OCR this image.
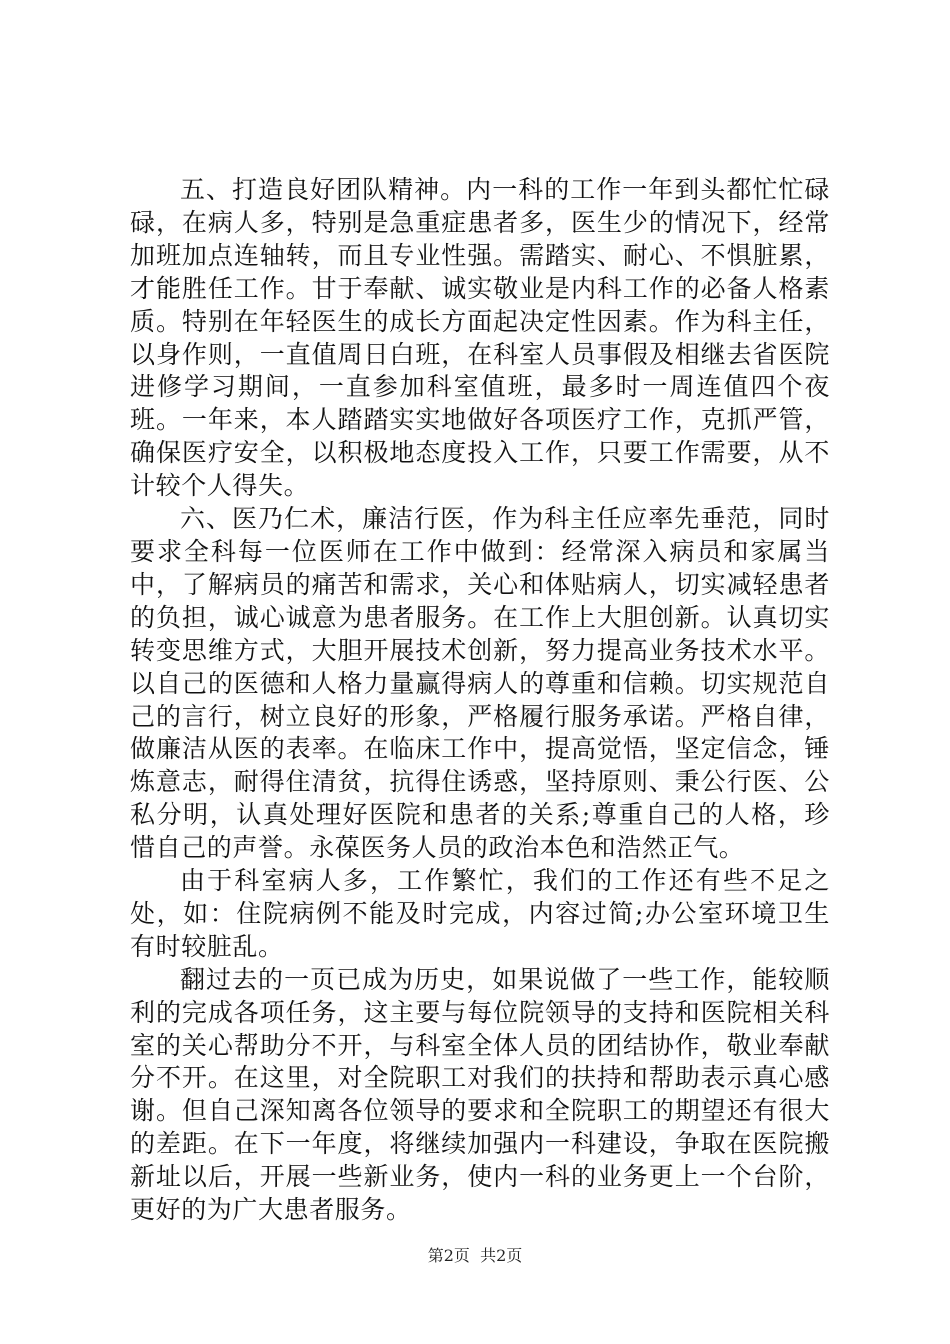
五、打造良好团队精神。内一科的工作一年到头都忙忙碌碌，在病人多，特别是急重症患者多，医生少的情况下，经常加班加点连轴转，而且专业性强。需踏实、耐心、不惧脏累，才能胜任工作。甘于奉献、诚实敬业是内科工作的必备人格素质。特别在年轻医生的成长方面起决定性因素。作为科主任，以身作则，一直值周日白班，在科室人员事假及相继去省医院进修学习期间，一直参加科室值班，最多时一周连值四个夜班。一年来，本人踏踏实实地做好各项医疗工作，克抓严管，确保医疗安全，以积极地态度投入工作，只要工作需要，从不计较个人得失。

六、医乃仁术，廉洁行医，作为科主任应率先垂范，同时要求全科每一位医师在工作中做到：经常深入病员和家属当中，了解病员的痛苦和需求，关心和体贴病人，切实减轻患者的负担，诚心诚意为患者服务。在工作上大胆创新。认真切实转变思维方式，大胆开展技术创新，努力提高业务技术水平。以自己的医德和人格力量赢得病人的尊重和信赖。切实规范自己的言行，树立良好的形象，严格履行服务承诺。严格自律，做廉洁从医的表率。在临床工作中，提高觉悟，坚定信念，锤炼意志，耐得住清贫，抗得住诱惑，坚持原则、秉公行医、公私分明，认真处理好医院和患者的关系;尊重自己的人格，珍惜自己的声誉。永葆医务人员的政治本色和浩然正气。

由于科室病人多，工作繁忙，我们的工作还有些不足之处，如：住院病例不能及时完成，内容过简;办公室环境卫生有时较脏乱。

翻过去的一页已成为历史，如果说做了一些工作，能较顺利的完成各项任务，这主要与每位院领导的支持和医院相关科室的关心帮助分不开，与科室全体人员的团结协作，敬业奉献分不开。在这里，对全院职工对我们的扶持和帮助表示真心感谢。但自己深知离各位领导的要求和全院职工的期望还有很大的差距。在下一年度，将继续加强内一科建设，争取在医院搬新址以后，开展一些新业务，使内一科的业务更上一个台阶，更好的为广大患者服务。

第2页  共2页
